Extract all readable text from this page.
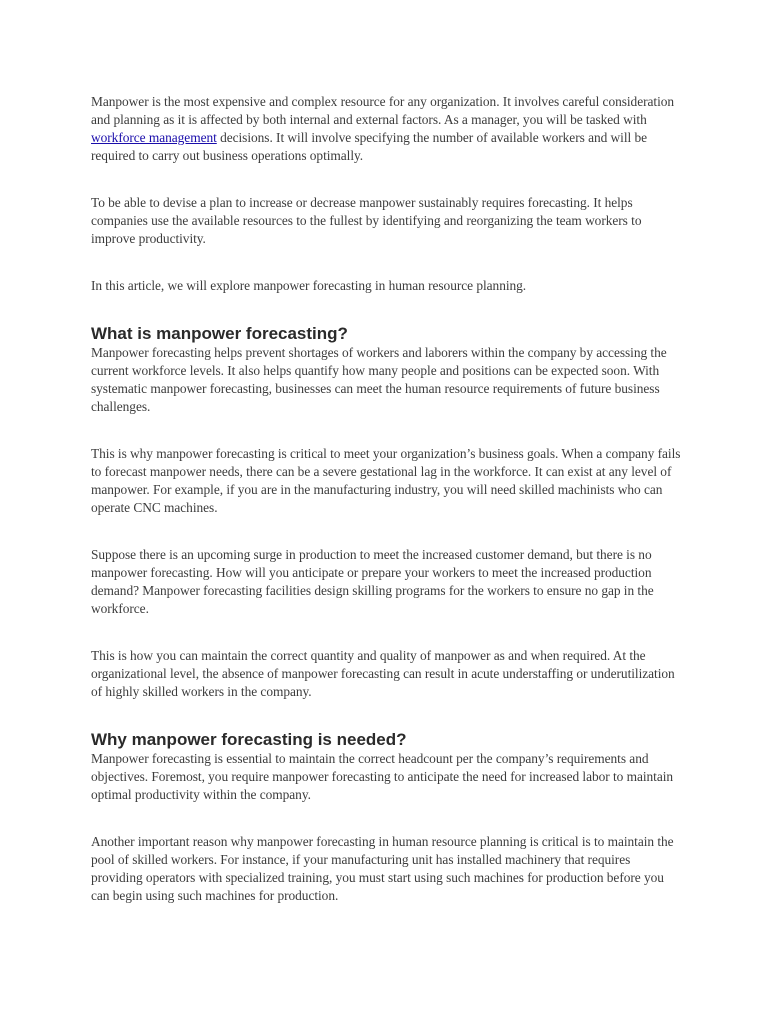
Manpower is the most expensive and complex resource for any organization. It involves careful consideration and planning as it is affected by both internal and external factors. As a manager, you will be tasked with workforce management decisions. It will involve specifying the number of available workers and will be required to carry out business operations optimally.

To be able to devise a plan to increase or decrease manpower sustainably requires forecasting. It helps companies use the available resources to the fullest by identifying and reorganizing the team workers to improve productivity.

In this article, we will explore manpower forecasting in human resource planning.

What is manpower forecasting?

Manpower forecasting helps prevent shortages of workers and laborers within the company by accessing the current workforce levels. It also helps quantify how many people and positions can be expected soon. With systematic manpower forecasting, businesses can meet the human resource requirements of future business challenges.

This is why manpower forecasting is critical to meet your organization’s business goals. When a company fails to forecast manpower needs, there can be a severe gestational lag in the workforce. It can exist at any level of manpower. For example, if you are in the manufacturing industry, you will need skilled machinists who can operate CNC machines.

Suppose there is an upcoming surge in production to meet the increased customer demand, but there is no manpower forecasting. How will you anticipate or prepare your workers to meet the increased production demand? Manpower forecasting facilities design skilling programs for the workers to ensure no gap in the workforce.

This is how you can maintain the correct quantity and quality of manpower as and when required. At the organizational level, the absence of manpower forecasting can result in acute understaffing or underutilization of highly skilled workers in the company.

Why manpower forecasting is needed?

Manpower forecasting is essential to maintain the correct headcount per the company’s requirements and objectives. Foremost, you require manpower forecasting to anticipate the need for increased labor to maintain optimal productivity within the company.

Another important reason why manpower forecasting in human resource planning is critical is to maintain the pool of skilled workers. For instance, if your manufacturing unit has installed machinery that requires providing operators with specialized training, you must start using such machines for production before you can begin using such machines for production.
